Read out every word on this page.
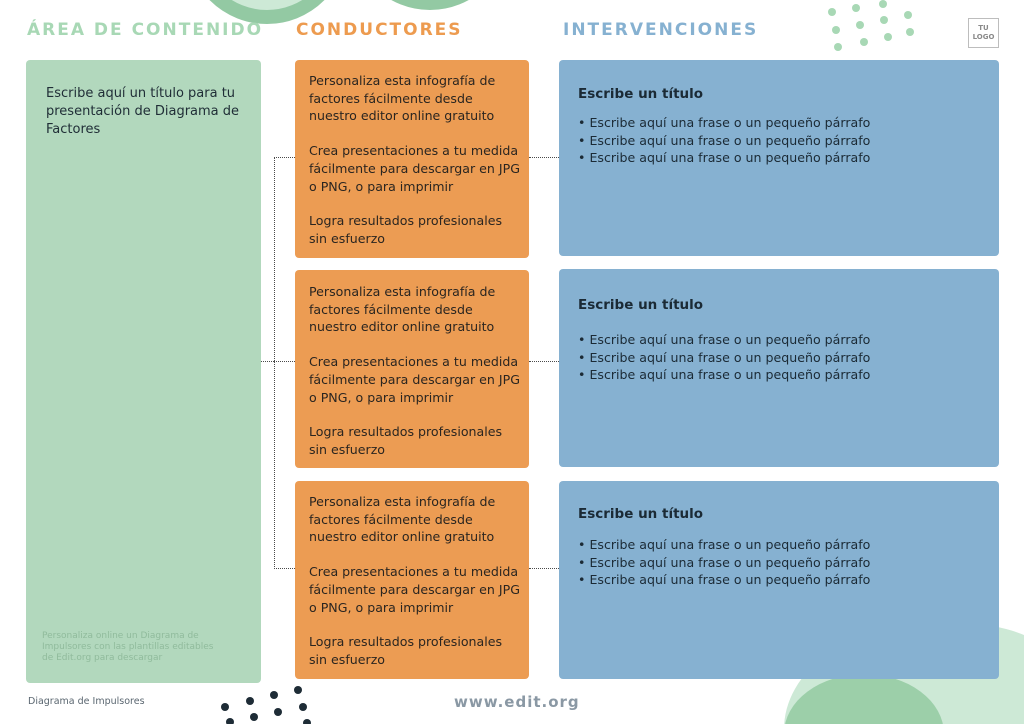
ÁREA DE CONTENIDO CONDUCTORES	INTERVENCIONES	TU
LOGO
Escribe aquí un título para tu presentación de Diagrama de Factores
Personaliza online un Diagrama de Impulsores con las plantillas editables de Edit.org para descargar

Personaliza esta infografía de factores fácilmente desde nuestro editor online gratuito

Crea presentaciones a tu medida fácilmente para descargar en JPG o PNG, o para imprimir

Logra resultados profesionales sin esfuerzo

Personaliza esta infografía de factores fácilmente desde nuestro editor online gratuito

Crea presentaciones a tu medida fácilmente para descargar en JPG o PNG, o para imprimir

Logra resultados profesionales sin esfuerzo

Personaliza esta infografía de factores fácilmente desde nuestro editor online gratuito

Crea presentaciones a tu medida fácilmente para descargar en JPG o PNG, o para imprimir

Logra resultados profesionales sin esfuerzo

Escribe un título
• Escribe aquí una frase o un pequeño párrafo
• Escribe aquí una frase o un pequeño párrafo
• Escribe aquí una frase o un pequeño párrafo
Escribe un título
• Escribe aquí una frase o un pequeño párrafo
• Escribe aquí una frase o un pequeño párrafo
• Escribe aquí una frase o un pequeño párrafo
Escribe un título
• Escribe aquí una frase o un pequeño párrafo
• Escribe aquí una frase o un pequeño párrafo
• Escribe aquí una frase o un pequeño párrafo
Diagrama de Impulsores	www.edit.org
